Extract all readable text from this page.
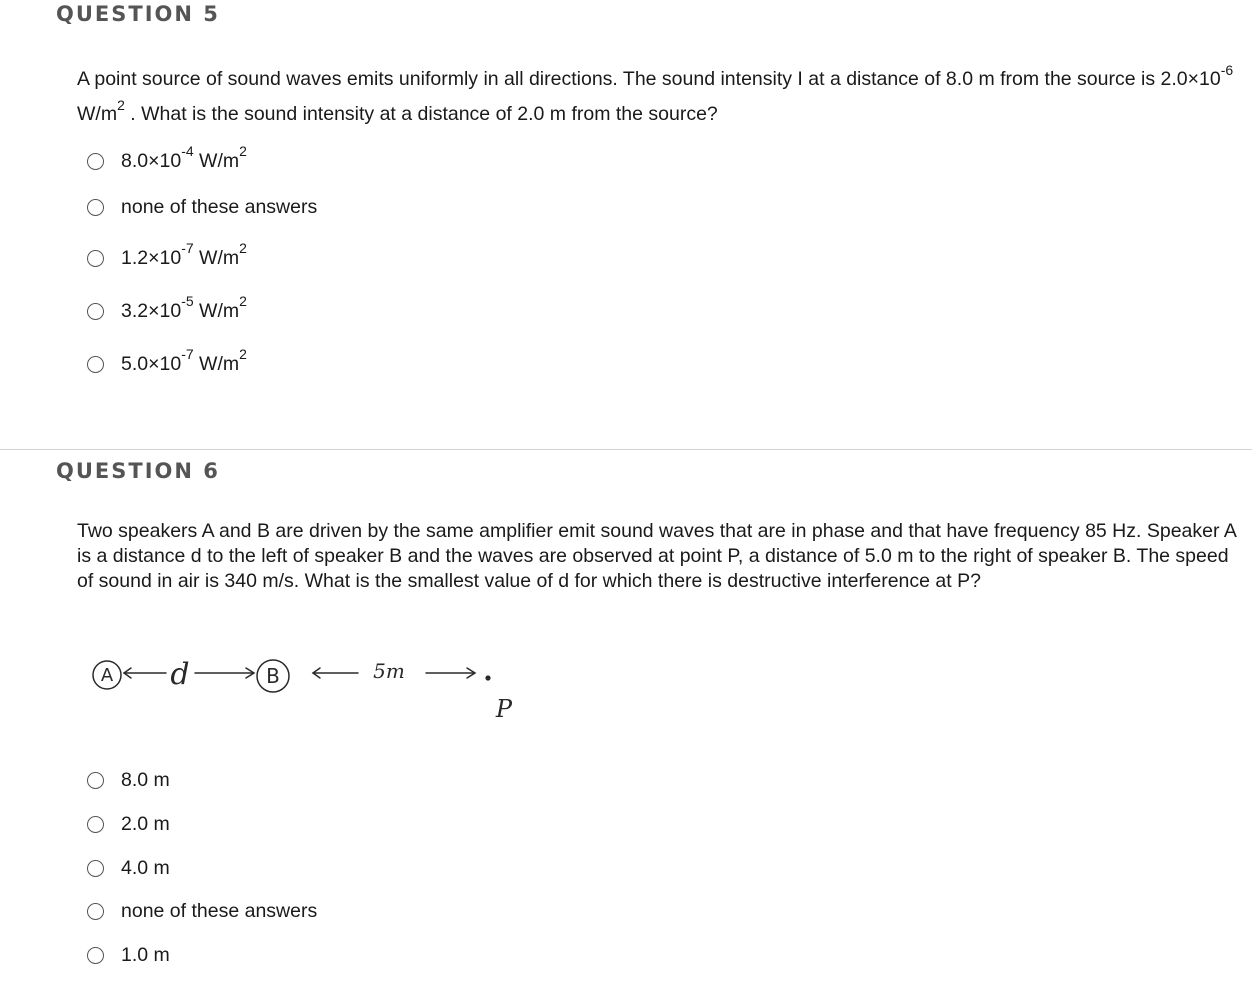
QUESTION 5
A point source of sound waves emits uniformly in all directions. The sound intensity I at a distance of 8.0 m from the source is $2.0\times 10^{-6}$ $W/m^2$ . What is the sound intensity at a distance of 2.0 m from the source?
$8.0\times 10^{-4}$ $W/m^2$
none of these answers
$1.2\times 10^{-7}$ $W/m^2$
$3.2\times 10^{-5}$ $W/m^2$
$5.0\times 10^{-7}$ $W/m^2$
QUESTION 6
Two speakers A and B are driven by the same amplifier emit sound waves that are in phase and that have frequency 85 Hz. Speaker A is a distance d to the left of speaker B and the waves are observed at point P, a distance of 5.0 m to the right of speaker B. The speed of sound in air is 340 m/s. What is the smallest value of d for which there is destructive interference at P?
A d	B	5m
P
8.0 m
2.0 m
4.0 m
none of these answers
1.0 m
